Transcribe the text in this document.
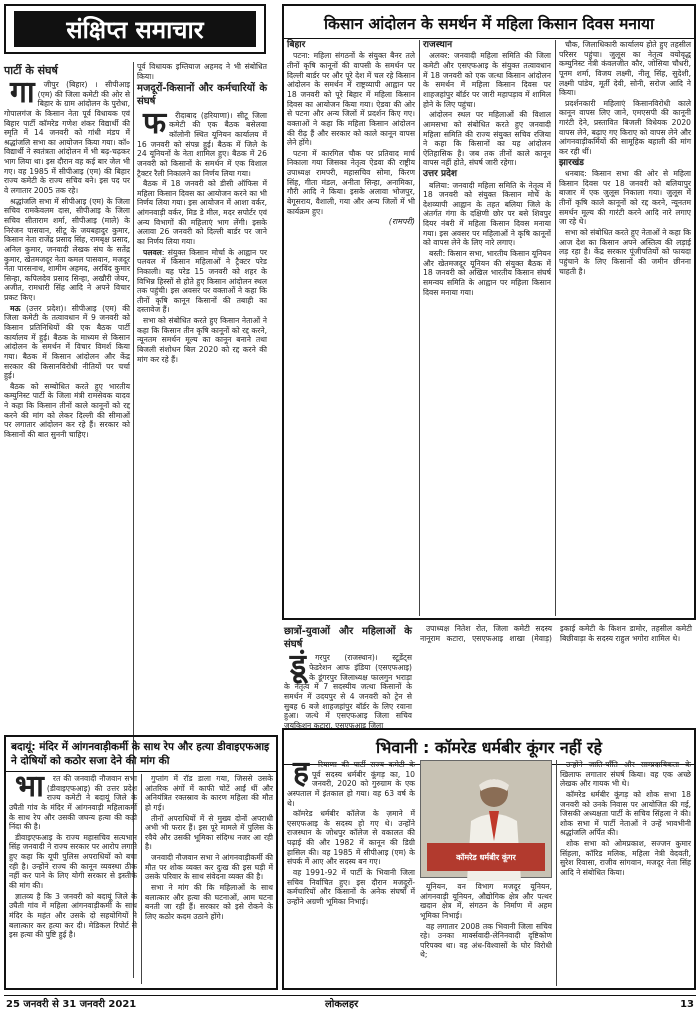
संक्षिप्त समाचार
पार्टी के संघर्ष

गा जीपुर (बिहार) । सीपीआइ (एम) की जिला कमेटी की ओर से बिहार के ग्राम आंदोलन के पुरोधा, गोपालगंज के किसान नेता पूर्व विधायक एवं बिहार पार्टी कॉमरेड गणेश शंकर विद्यार्थी की स्मृति में 14 जनवरी को गांधी मंडप में श्रद्धांजलि सभा का आयोजन किया गया। कॉ० विद्यार्थी ने स्वतंत्रता आंदोलन में भी बढ़-चढ़कर भाग लिया था। इस दौरान वह कई बार जेल भी गए। वह 1985 में सीपीआइ (एम) की बिहार राज्य कमेटी के राज्य सचिव बने। इस पद पर वे लगातार 2005 तक रहे।

श्रद्धांजलि सभा में सीपीआइ (एम) के जिला सचिव रामकेवलम दास, सीपीआइ के जिला सचिव सीताराम शर्मा, सीपीआइ (माले) के निरंजन पासवान, सीटू के जयबहादुर कुमार, किसान नेता राजेंद्र प्रसाद सिंह, रामबृक्ष प्रसाद, अनिल कुमार, जनवादी लेखक संघ के सतेंद्र कुमार, खेतमजदूर नेता कमल पासवान, मजदूर नेता पारसनाथ, शामीम अहमद, अरविंद कुमार सिन्हा, कपिलदेव प्रसाद सिन्हा, अखौरी जेयर, अजीत, रामधारी सिंह आदि ने अपने विचार प्रकट किए।

मऊ (उत्तर प्रदेश)। सीपीआइ (एम) की जिला कमेटी के तत्वावधान में 9 जनवरी को किसान प्रतिनिधियों की एक बैठक पार्टी कार्यालय में हुई। बैठक के माध्यम से किसान आंदोलन के समर्थन में विचार विमर्श किया गया। बैठक में किसान आंदोलन और केंद्र सरकार की किसानविरोधी नीतियों पर चर्चा हुई।

बैठक को सम्बोधित करते हुए भारतीय कम्युनिस्ट पार्टी के जिला मंत्री रामसेवक यादव ने कहा कि किसान तीनों काले कानूनों को रद्द करने की मांग को लेकर दिल्ली की सीमाओं पर लगातार आंदोलन कर रहे हैं। सरकार को किसानों की बात सुननी चाहिए।

पूर्व विधायक इम्तियाज अहमद ने भी संबोधित किया।

मजदूरों-किसानों और कर्मचारियों के संघर्ष

फ रीदाबाद (हरियाणा)। सीटू जिला कमेटी की एक बैठक बसेलवा कॉलोनी स्थित यूनियन कार्यालय में 16 जनवरी को संपन्न हुई। बैठक में जिले के 24 यूनियनों के नेता शामिल हुए। बैठक में 26 जनवरी को किसानों के समर्थन में एक विशाल ट्रैक्टर रैली निकालने का निर्णय लिया गया।

बैठक में 18 जनवरी को डीसी ऑफिस में महिला किसान दिवस का आयोजन करने का भी निर्णय लिया गया। इस आयोजन में आशा वर्कर, आंगनवाड़ी वर्कर, मिड डे मील, मदर सपोर्टर एवं अन्य विभागों की महिलाएं भाग लेंगी। इसके अलावा 26 जनवरी को दिल्ली बार्डर पर जाने का निर्णय लिया गया।

पलवल: संयुक्त किसान मोर्चा के आह्वान पर पलवल में किसान महिलाओं ने ट्रैक्टर परेड निकाली। यह परेड 15 जनवरी को शहर के विभिन्न हिस्सों से होते हुए किसान आंदोलन स्थल तक पहुंची। इस अवसर पर वक्ताओं ने कहा कि तीनों कृषि कानून किसानों की तबाही का दस्तावेज हैं।

सभा को संबोधित करते हुए किसान नेताओं ने कहा कि किसान तीन कृषि कानूनों को रद्द करने, न्यूनतम समर्थन मूल्य का कानून बनाने तथा बिजली संशोधन बिल 2020 को रद्द करने की मांग कर रहे हैं।

किसान आंदोलन के समर्थन में महिला किसान दिवस मनाया
बिहार

पटना: महिला संगठनों के संयुक्त बैनर तले तीनों कृषि कानूनों की वापसी के समर्थन पर दिल्ली बार्डर पर और पूरे देश में चल रहे किसान आंदोलन के समर्थन में राष्ट्रव्यापी आह्वान पर 18 जनवरी को पूरे बिहार में महिला किसान दिवस का आयोजन किया गया। ऐडवा की ओर से पटना और अन्य जिलों में प्रदर्शन किए गए। वक्ताओं ने कहा कि महिला किसान आंदोलन की रीढ़ हैं और सरकार को काले कानून वापस लेने होंगे।

पटना में कारगिल चौक पर प्रतिवाद मार्च निकाला गया जिसका नेतृत्व ऐडवा की राष्ट्रीय उपाध्यक्ष रामपरी, महासचिव सोमा, किरण सिंह, गीता मंडल, अनीता सिन्हा, अनामिका, गौरी आदि ने किया। इसके अलावा भोजपुर, बेगूसराय, वैशाली, गया और अन्य जिलों में भी कार्यक्रम हुए।

(रामपरी)
राजस्थान

अलवर: जनवादी महिला समिति की जिला कमेटी और एसएफआइ के संयुक्त तत्वावधान में 18 जनवरी को एक जत्था किसान आंदोलन के समर्थन में महिला किसान दिवस पर शाहजहांपुर बॉर्डर पर जारी महापड़ाव में शामिल होने के लिए पहुंचा।

आंदोलन स्थल पर महिलाओं की विशाल आमसभा को संबोधित करते हुए जनवादी महिला समिति की राज्य संयुक्त सचिव रजिया ने कहा कि किसानों का यह आंदोलन ऐतिहासिक है। जब तक तीनों काले कानून वापस नहीं होते, संघर्ष जारी रहेगा।

उत्तर प्रदेश

बलिया: जनवादी महिला समिति के नेतृत्व में 18 जनवरी को संयुक्त किसान मोर्चे के देशव्यापी आह्वान के तहत बलिया जिले के अंतर्गत गंगा के दक्षिणी छोर पर बसे शिवपुर दियर नंबरी में महिला किसान दिवस मनाया गया। इस अवसर पर महिलाओं ने कृषि कानूनों को वापस लेने के लिए नारे लगाए।

बस्ती: किसान सभा, भारतीय किसान यूनियन और खेतमजदूर यूनियन की संयुक्त बैठक में 18 जनवरी को अखिल भारतीय किसान संघर्ष समन्वय समिति के आह्वान पर महिला किसान दिवस मनाया गया।

चौक, जिलाधिकारी कार्यालय होते हुए तहसील परिसर पहुंचा। जुलूस का नेतृत्व वयोवृद्ध कम्युनिस्ट नेत्री कंवलजीत कौर, जोसिया चौधरी, पूनम शर्मा, विजय लक्ष्मी, नीलू सिंह, सुदेशी, लक्ष्मी पांडेय, मूर्ती देवी, सोनी, सरोज आदि ने किया।

प्रदर्शनकारी महिलाएं किसानविरोधी काले कानून वापस लिए जाने, एमएसपी की कानूनी गारंटी देने, प्रस्तावित बिजली विधेयक 2020 वापस लेने, बढ़ाए गए किराए को वापस लेने और आंगनवाड़ीकर्मियों की सामूहिक बहाली की मांग कर रही थीं।

झारखंड

धनबाद: किसान सभा की ओर से महिला किसान दिवस पर 18 जनवरी को बलियापुर बाजार में एक जुलूस निकाला गया। जुलूस में तीनों कृषि काले कानूनों को रद्द करने, न्यूनतम समर्थन मूल्य की गारंटी करने आदि नारे लगाए जा रहे थे।

सभा को संबोधित करते हुए नेताओं ने कहा कि आज देश का किसान अपने अस्तित्व की लड़ाई लड़ रहा है। केंद्र सरकार पूंजीपतियों को फायदा पहुंचाने के लिए किसानों की जमीन छीनना चाहती है।

छात्रों-युवाओं और महिलाओं के संघर्ष

डूं गरपुर (राजस्थान)। स्टूडेंट्स फेडरेशन आफ इंडिया (एसएफआइ) के डूंगरपुर जिलाध्यक्ष फालगुन भराड़ा के नेतृत्व में 7 सदस्यीय जत्था किसानों के समर्थन में उदयपुर से 4 जनवरी को ट्रेन से सुबह 6 बजे शाहजहांपुर बॉर्डर के लिए रवाना हुआ। जत्थे में एसएफआइ जिला सचिव जयकिशन कटारा, एसएफआइ जिला

उपाध्यक्ष नितेश रोत, जिला कमेटी सदस्य नानूराम कटारा, एसएफआइ शाखा (मेवाड़) इकाई कमेटी के किशन डामोर, तहसील कमेटी बिछीवाड़ा के सदस्य राहुल भगोरा शामिल थे।

बदायूं: मंदिर में आंगनवाड़ीकर्मी के साथ रेप और हत्या डीवाइएफआइ ने दोषियों को कठोर सजा देने की मांग की

भा रत की जनवादी नौजवान सभा (डीवाइएफआइ) की उत्तर प्रदेश राज्य कमेटी ने बदायूं जिले के उघैती गांव के मंदिर में आंगनवाड़ी महिलाकर्मी के साथ रेप और उसकी जघन्य हत्या की कड़ी निंदा की है।

डीवाइएफआइ के राज्य महासचिव सत्यभान सिंह जनवादी ने राज्य सरकार पर आरोप लगाते हुए कहा कि यूपी पुलिस अपराधियों को बचा रही है। उन्होंने राज्य की कानून व्यवस्था ठीक नहीं कर पाने के लिए योगी सरकार से इस्तीफे की मांग की।

ज्ञातव्य है कि 3 जनवरी को बदायूं जिले के उघैती गांव में महिला आंगनवाड़ीकर्मी के साथ मंदिर के महंत और उसके दो सहयोगियों ने बलात्कार कर हत्या कर दी। मेडिकल रिपोर्ट से इस हत्या की पुष्टि हुई है।

गुप्तांग में रॉड डाला गया, जिससे उसके आंतरिक अंगों में काफी चोटें आईं थीं और अनियंत्रित रक्तस्राव के कारण महिला की मौत हो गई।

तीनों अपराधियों में से मुख्य दोनों अपराधी अभी भी फरार हैं। इस पूरे मामले में पुलिस के रवैये और उसकी भूमिका संदिग्ध नजर आ रही है।

जनवादी नौजवान सभा ने आंगनवाड़ीकर्मी की मौत पर शोक व्यक्त कर दुःख की इस घड़ी में उसके परिवार के साथ संवेदना व्यक्त की है।

सभा ने मांग की कि महिलाओं के साथ बलात्कार और हत्या की घटनाओं, आम घटना बनती जा रही हैं। सरकार को इसे रोकने के लिए कठोर कदम उठाने होंगे।

भिवानी : कॉमरेड धर्मबीर कूंगर नहीं रहे

ह रियाणा की पार्टी राज्य कमेटी के पूर्व सदस्य धर्मबीर कूंगड़ का, 10 जनवरी, 2020 को गुरुग्राम के एक अस्पताल में इंतकाल हो गया। वह 63 वर्ष के थे।

कॉमरेड धर्मबीर कॉलेज के ज़माने में एसएफआइ के सदस्य हो गए थे। उन्होंने राजस्थान के जोधपुर कॉलेज से वकालत की पढ़ाई की और 1982 में कानून की डिग्री हासिल की। वह 1985 में सीपीआइ (एम) के संपर्क में आए और सदस्य बन गए।

वह 1991-92 में पार्टी के भिवानी जिला सचिव निर्वाचित हुए। इस दौरान मजदूरों-कर्मचारियों और किसानों के अनेक संघर्षों में उन्होंने अग्रणी भूमिका निभाई।

कॉमरेड धर्मबीर कूंगर

यूनियन, वन विभाग मजदूर यूनियन, आंगनवाड़ी यूनियन, औद्योगिक क्षेत्र और पत्थर खदान क्षेत्र में, संगठन के निर्माण में अहम भूमिका निभाई।

वह लगातार 2008 तक भिवानी जिला सचिव रहे। उनका मार्क्सवादी-लेनिनवादी दृष्टिकोण परिपक्व था। वह अंध-विश्वासों के घोर विरोधी थे;

उन्होंने जाति-पाँति और साम्प्रदायिकता के खिलाफ लगातार संघर्ष किया। वह एक अच्छे लेखक और गायक भी थे।

कॉमरेड धर्मबीर कूंगड़ को शोक सभा 18 जनवरी को उनके निवास पर आयोजित की गई, जिसकी अध्यक्षता पार्टी के सचिव सिंहला ने की। शोक सभा में पार्टी नेताओं ने उन्हें भावभीनी श्रद्धांजलि अर्पित की।

शोक सभा को ओमप्रकाश, सज्जन कुमार सिंहला, कॉरिड मलिक, महिला नेत्री वेदवती, सुरेश रिवासा, राजीव सांगवान, मजदूर नेता सिंह आदि ने संबोधित किया।

25 जनवरी से 31 जनवरी 2021	लोकलहर	13
